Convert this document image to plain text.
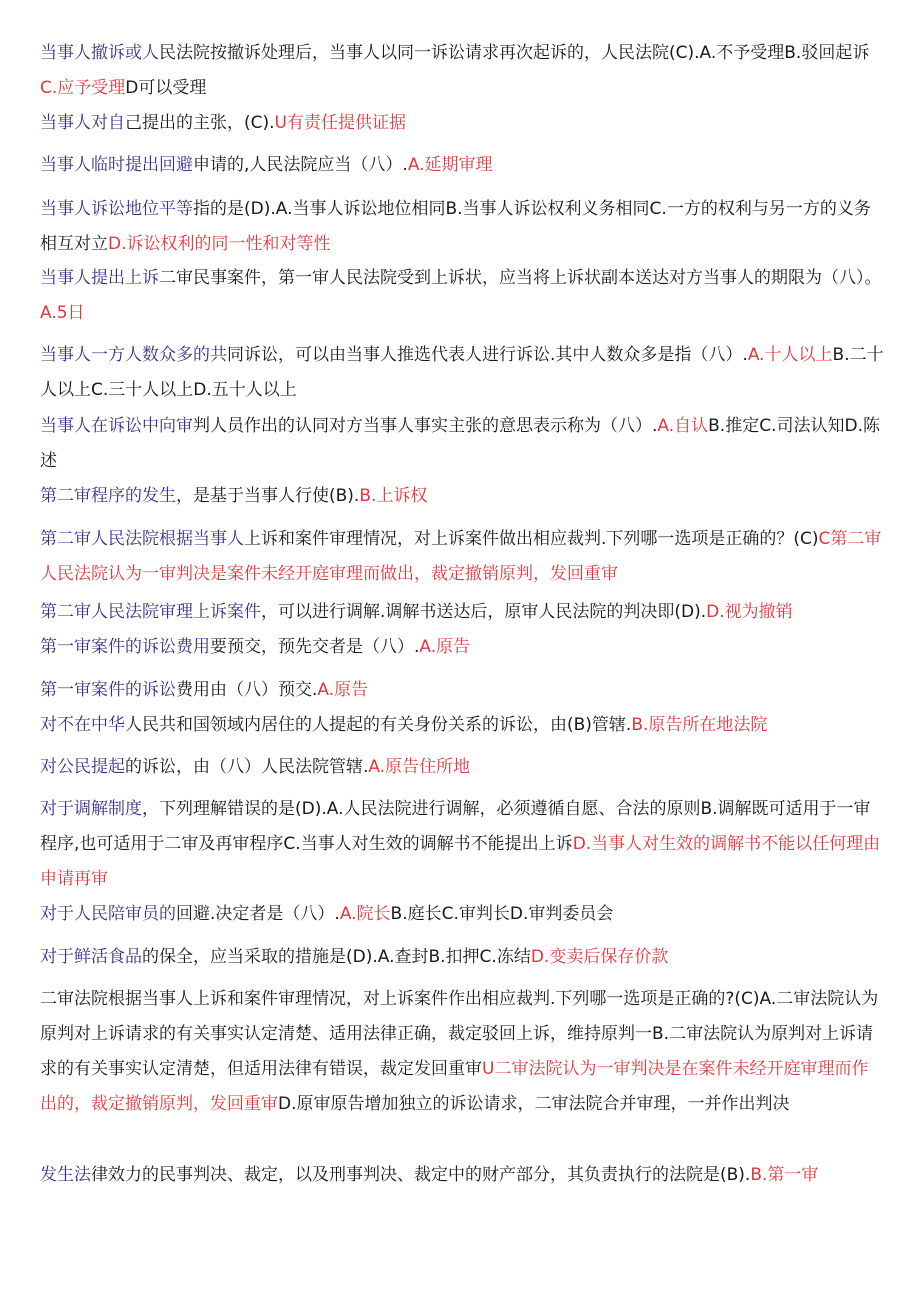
当事人撤诉或人民法院按撤诉处理后，当事人以同一诉讼请求再次起诉的，人民法院(C).A.不予受理B.驳回起诉C.应予受理D可以受理
当事人对自己提出的主张，(C).U有责任提供证据
当事人临时提出回避申请的,人民法院应当（八）.A.延期审理
当事人诉讼地位平等指的是(D).A.当事人诉讼地位相同B.当事人诉讼权利义务相同C.一方的权利与另一方的义务相互对立D.诉讼权利的同一性和对等性
当事人提出上诉二审民事案件，第一审人民法院受到上诉状，应当将上诉状副本送达对方当事人的期限为（八）。A.5日
当事人一方人数众多的共同诉讼，可以由当事人推选代表人进行诉讼.其中人数众多是指（八）.A.十人以上B.二十人以上C.三十人以上D.五十人以上
当事人在诉讼中向审判人员作出的认同对方当事人事实主张的意思表示称为（八）.A.自认B.推定C.司法认知D.陈述
第二审程序的发生，是基于当事人行使(B).B.上诉权
第二审人民法院根据当事人上诉和案件审理情况，对上诉案件做出相应裁判.下列哪一选项是正确的？(C)C第二审人民法院认为一审判决是案件未经开庭审理而做出，裁定撤销原判，发回重审
第二审人民法院审理上诉案件，可以进行调解.调解书送达后，原审人民法院的判决即(D).D.视为撤销
第一审案件的诉讼费用要预交，预先交者是（八）.A.原告
第一审案件的诉讼费用由（八）预交.A.原告
对不在中华人民共和国领域内居住的人提起的有关身份关系的诉讼，由(B)管辖.B.原告所在地法院
对公民提起的诉讼，由（八）人民法院管辖.A.原告住所地
对于调解制度，下列理解错误的是(D).A.人民法院进行调解，必须遵循自愿、合法的原则B.调解既可适用于一审程序,也可适用于二审及再审程序C.当事人对生效的调解书不能提出上诉D.当事人对生效的调解书不能以任何理由申请再审
对于人民陪审员的回避.决定者是（八）.A.院长B.庭长C.审判长D.审判委员会
对于鲜活食品的保全，应当采取的措施是(D).A.查封B.扣押C.冻结D.变卖后保存价款
二审法院根据当事人上诉和案件审理情况，对上诉案件作出相应裁判.下列哪一选项是正确的?(C)A.二审法院认为原判对上诉请求的有关事实认定清楚、适用法律正确，裁定驳回上诉，维持原判一B.二审法院认为原判对上诉请求的有关事实认定清楚，但适用法律有错误，裁定发回重审U二审法院认为一审判决是在案件未经开庭审理而作出的，裁定撤销原判，发回重审D.原审原告增加独立的诉讼请求，二审法院合并审理，一并作出判决
发生法律效力的民事判决、裁定，以及刑事判决、裁定中的财产部分，其负责执行的法院是(B).B.第一审
